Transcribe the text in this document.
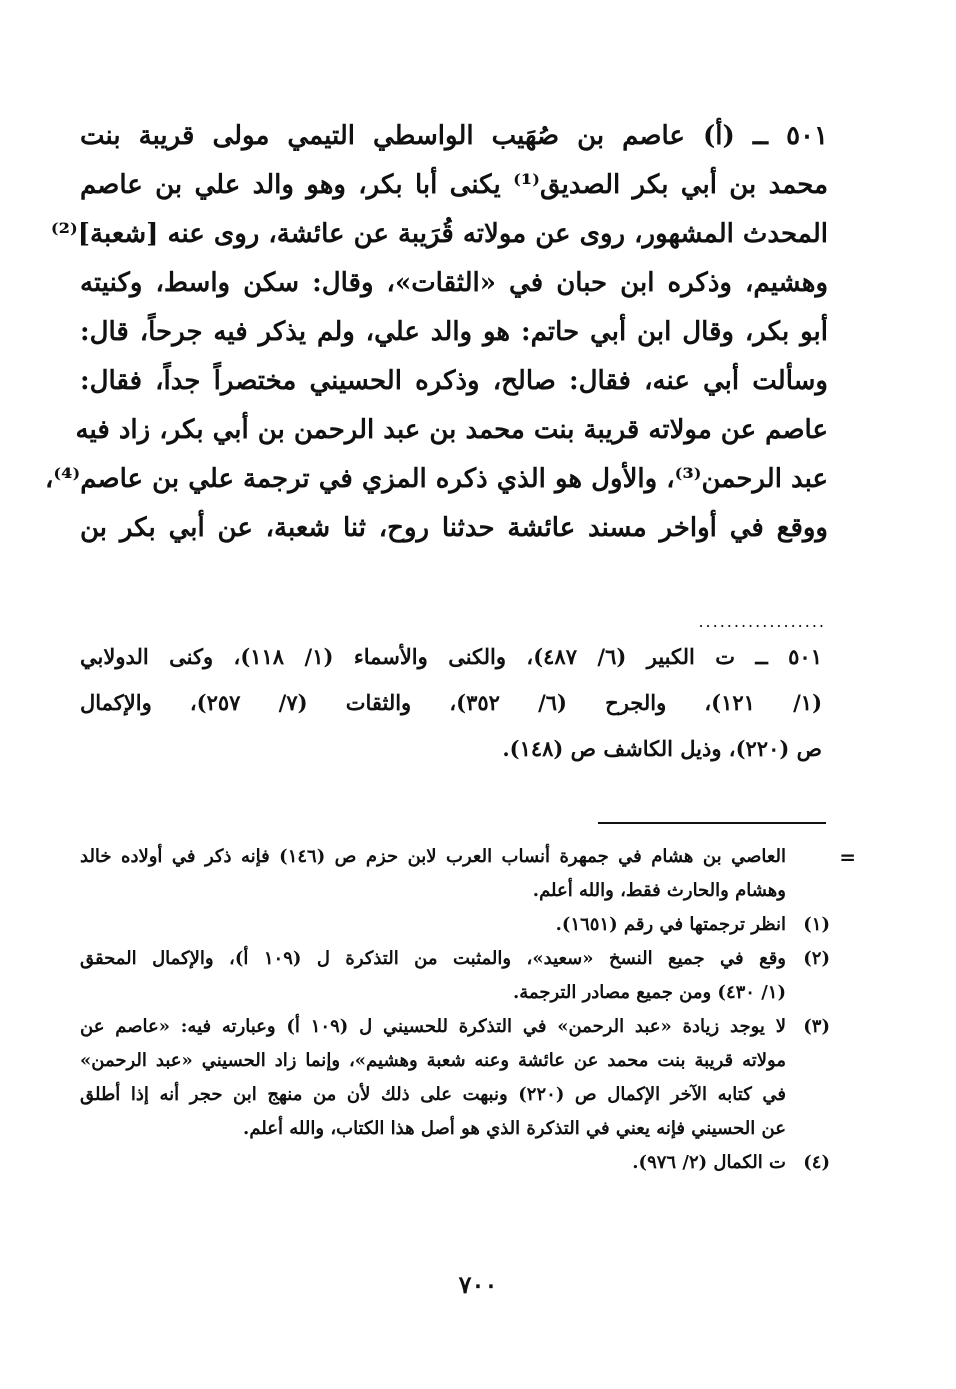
٥٠١ ــ (أ) عاصم بن صُهَيب الواسطي التيمي مولى قريبة بنت
محمد بن أبي بكر الصديق⁽¹⁾ يكنى أبا بكر، وهو والد علي بن عاصم
المحدث المشهور، روى عن مولاته قُرَيبة عن عائشة، روى عنه [شعبة]⁽²⁾
وهشيم، وذكره ابن حبان في «الثقات»، وقال: سكن واسط، وكنيته
أبو بكر، وقال ابن أبي حاتم: هو والد علي، ولم يذكر فيه جرحاً، قال:
وسألت أبي عنه، فقال: صالح، وذكره الحسيني مختصراً جداً، فقال:
عاصم عن مولاته قريبة بنت محمد بن عبد الرحمن بن أبي بكر، زاد فيه
عبد الرحمن⁽³⁾، والأول هو الذي ذكره المزي في ترجمة علي بن عاصم⁽⁴⁾،
ووقع في أواخر مسند عائشة حدثنا روح، ثنا شعبة، عن أبي بكر بن
..................
٥٠١ ــ ت الكبير (٦/ ٤٨٧)، والكنى والأسماء (١/ ١١٨)، وكنى الدولابي
(١/ ١٢١)، والجرح (٦/ ٣٥٢)، والثقات (٧/ ٢٥٧)، والإكمال
ص (٢٢٠)، وذيل الكاشف ص (١٤٨).
=
العاصي بن هشام في جمهرة أنساب العرب لابن حزم ص (١٤٦) فإنه ذكر في أولاده خالد
وهشام والحارث فقط، والله أعلم.
(١)
انظر ترجمتها في رقم (١٦٥١).
(٢)
وقع في جميع النسخ «سعيد»، والمثبت من التذكرة ل (١٠٩ أ)، والإكمال المحقق
(١/ ٤٣٠) ومن جميع مصادر الترجمة.
(٣)
لا يوجد زيادة «عبد الرحمن» في التذكرة للحسيني ل (١٠٩ أ) وعبارته فيه: «عاصم عن
مولاته قريبة بنت محمد عن عائشة وعنه شعبة وهشيم»، وإنما زاد الحسيني «عبد الرحمن»
في كتابه الآخر الإكمال ص (٢٢٠) ونبهت على ذلك لأن من منهج ابن حجر أنه إذا أطلق
عن الحسيني فإنه يعني في التذكرة الذي هو أصل هذا الكتاب، والله أعلم.
(٤)
ت الكمال (٢/ ٩٧٦).
٧٠٠
